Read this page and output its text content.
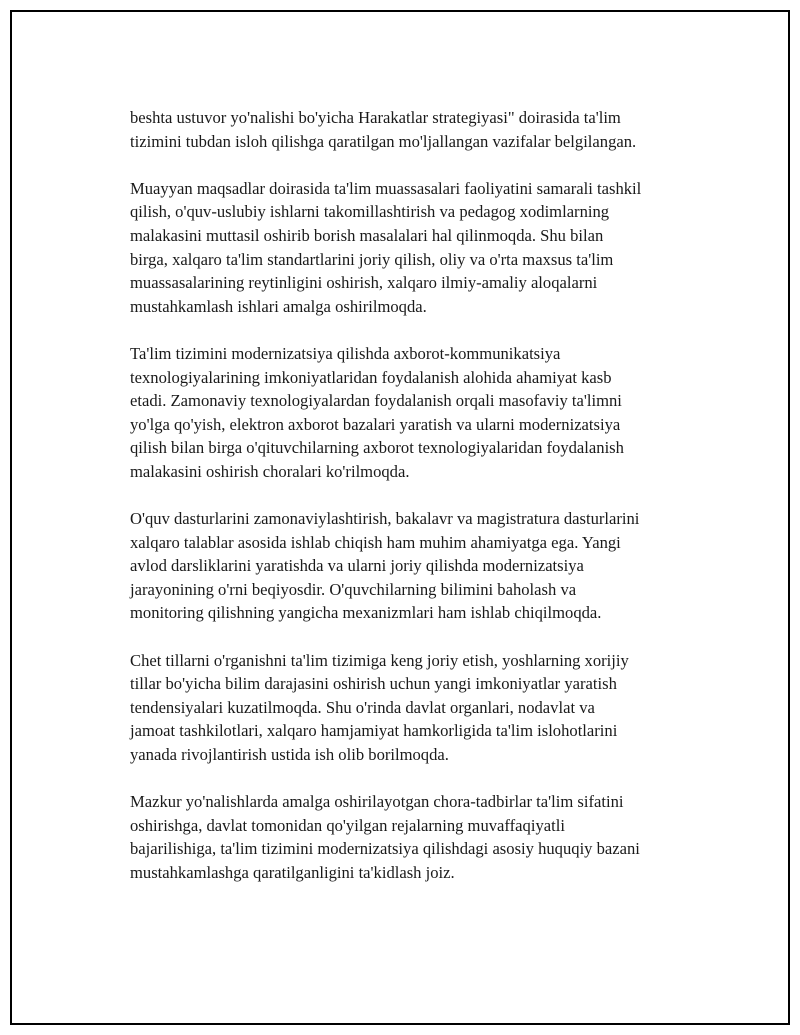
beshta ustuvor yo'nalishi bo'yicha Harakatlar strategiyasi" doirasida ta'lim
tizimini tubdan isloh qilishga qaratilgan mo'ljallangan vazifalar belgilangan.

Muayyan maqsadlar doirasida ta'lim muassasalari faoliyatini samarali tashkil
qilish, o'quv-uslubiy ishlarni takomillashtirish va pedagog xodimlarning
malakasini muttasil oshirib borish masalalari hal qilinmoqda. Shu bilan
birga, xalqaro ta'lim standartlarini joriy qilish, oliy va o'rta maxsus ta'lim
muassasalarining reytinligini oshirish, xalqaro ilmiy-amaliy aloqalarni
mustahkamlash ishlari amalga oshirilmoqda.

Ta'lim tizimini modernizatsiya qilishda axborot-kommunikatsiya
texnologiyalarining imkoniyatlaridan foydalanish alohida ahamiyat kasb
etadi. Zamonaviy texnologiyalardan foydalanish orqali masofaviy ta'limni
yo'lga qo'yish, elektron axborot bazalari yaratish va ularni modernizatsiya
qilish bilan birga o'qituvchilarning axborot texnologiyalaridan foydalanish
malakasini oshirish choralari ko'rilmoqda.

O'quv dasturlarini zamonaviylashtirish, bakalavr va magistratura dasturlarini
xalqaro talablar asosida ishlab chiqish ham muhim ahamiyatga ega. Yangi
avlod darsliklarini yaratishda va ularni joriy qilishda modernizatsiya
jarayonining o'rni beqiyosdir. O'quvchilarning bilimini baholash va
monitoring qilishning yangicha mexanizmlari ham ishlab chiqilmoqda.

Chet tillarni o'rganishni ta'lim tizimiga keng joriy etish, yoshlarning xorijiy
tillar bo'yicha bilim darajasini oshirish uchun yangi imkoniyatlar yaratish
tendensiyalari kuzatilmoqda. Shu o'rinda davlat organlari, nodavlat va
jamoat tashkilotlari, xalqaro hamjamiyat hamkorligida ta'lim islohotlarini
yanada rivojlantirish ustida ish olib borilmoqda.

Mazkur yo'nalishlarda amalga oshirilayotgan chora-tadbirlar ta'lim sifatini
oshirishga, davlat tomonidan qo'yilgan rejalarning muvaffaqiyatli
bajarilishiga, ta'lim tizimini modernizatsiya qilishdagi asosiy huquqiy bazani
mustahkamlashga qaratilganligini ta'kidlash joiz.
